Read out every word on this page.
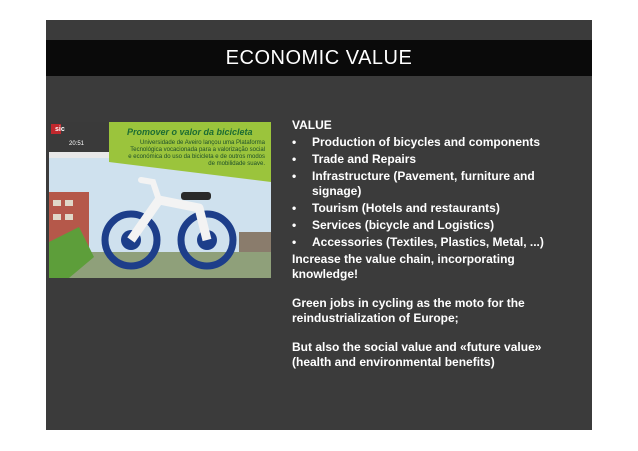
ECONOMIC VALUE
sic
20:51
Promover o valor da bicicleta
Universidade de Aveiro lançou uma Plataforma Tecnológica vocacionada para a valorização social e económica do uso da bicicleta e de outros modos de mobilidade suave.

VALUE

•	Production of bicycles and components
•	Trade and Repairs
•	Infrastructure (Pavement, furniture and signage)
•	Tourism (Hotels and restaurants)
•	Services (bicycle and Logistics)
•	Accessories (Textiles, Plastics, Metal, ...)

Increase the value chain, incorporating knowledge!

Green jobs in cycling as the moto for the reindustrialization of Europe;

But also the social value and «future value» (health and environmental benefits)
